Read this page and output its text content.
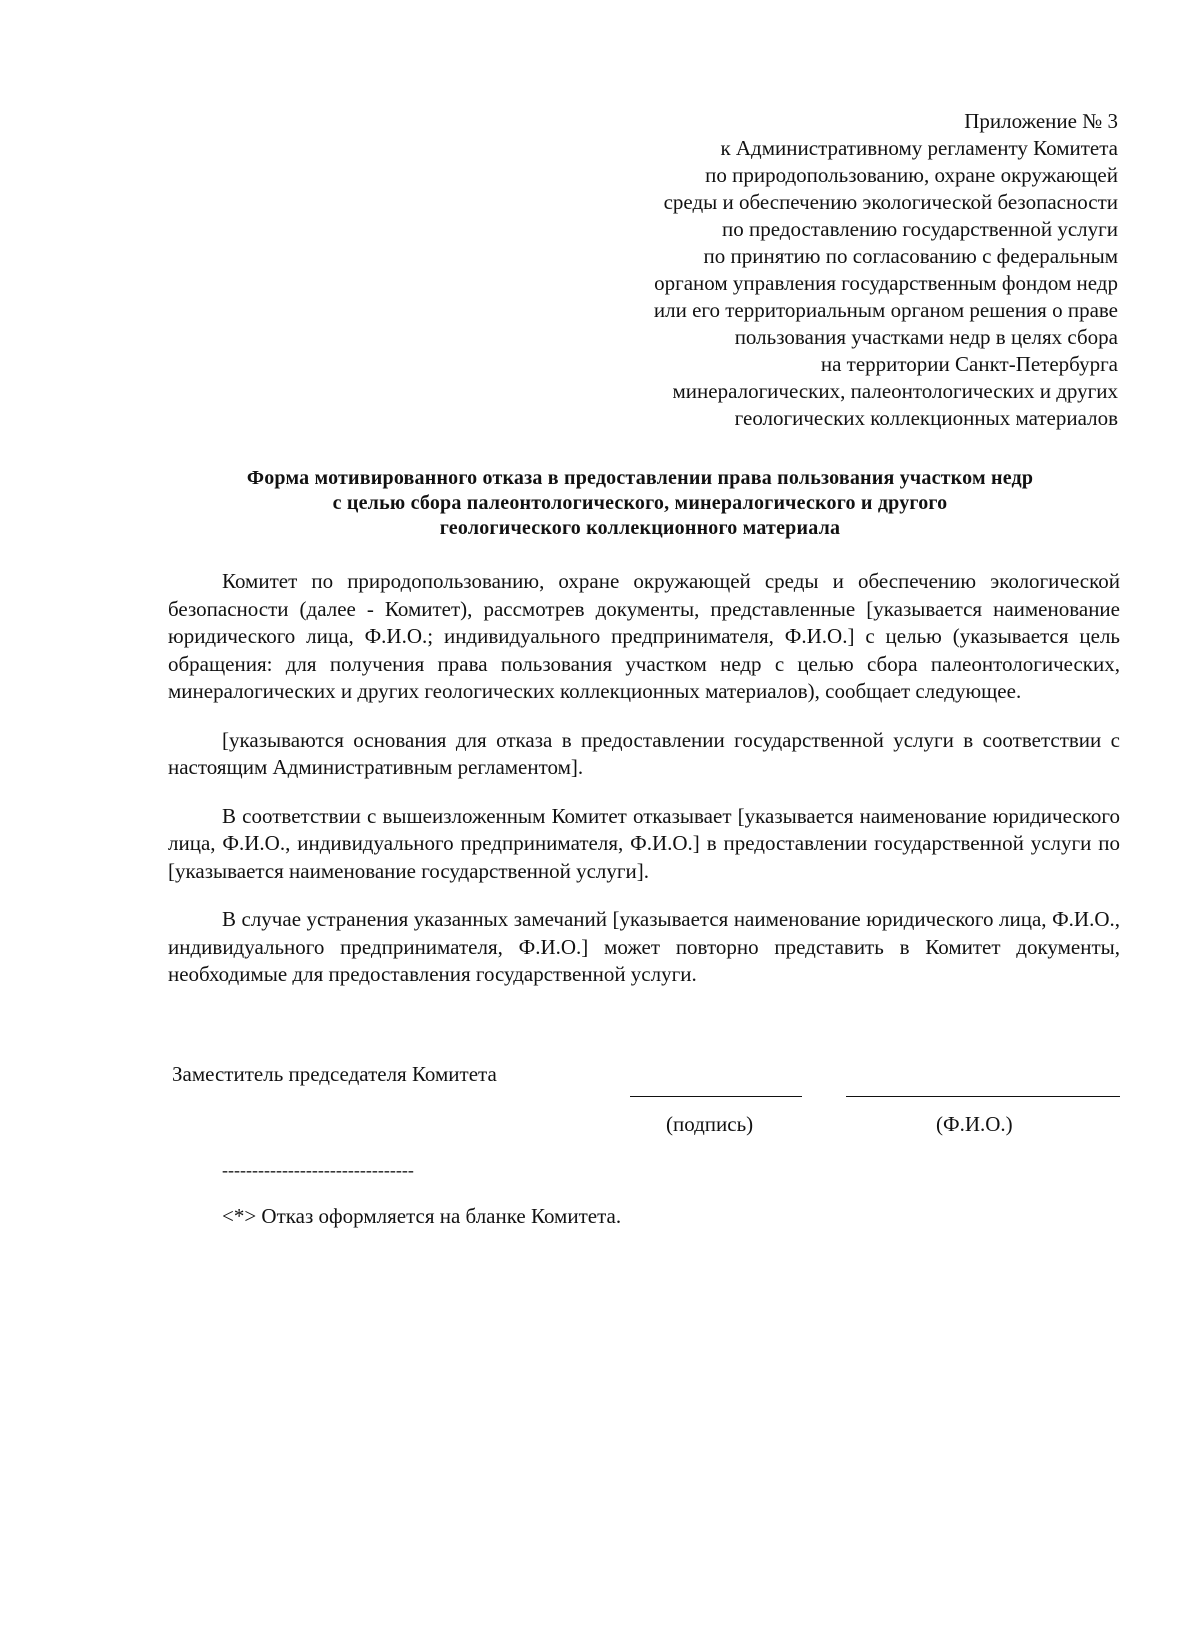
Приложение № 3
к Административному регламенту Комитета
по природопользованию, охране окружающей
среды и обеспечению экологической безопасности
по предоставлению государственной услуги
по принятию по согласованию с федеральным
органом управления государственным фондом недр
или его территориальным органом решения о праве
пользования участками недр в целях сбора
на территории Санкт-Петербурга
минералогических, палеонтологических и других
геологических коллекционных материалов
Форма мотивированного отказа в предоставлении права пользования участком недр
с целью сбора палеонтологического, минералогического и другого
геологического коллекционного материала

Комитет по природопользованию, охране окружающей среды и обеспечению экологической безопасности (далее - Комитет), рассмотрев документы, представленные [указывается наименование юридического лица, Ф.И.О.; индивидуального предпринимателя, Ф.И.О.] с целью (указывается цель обращения: для получения права пользования участком недр с целью сбора палеонтологических, минералогических и других геологических коллекционных материалов), сообщает следующее.

[указываются основания для отказа в предоставлении государственной услуги в соответствии с настоящим Административным регламентом].

В соответствии с вышеизложенным Комитет отказывает [указывается наименование юридического лица, Ф.И.О., индивидуального предпринимателя, Ф.И.О.] в предоставлении государственной услуги по [указывается наименование государственной услуги].

В случае устранения указанных замечаний [указывается наименование юридического лица, Ф.И.О., индивидуального предпринимателя, Ф.И.О.] может повторно представить в Комитет документы, необходимые для предоставления государственной услуги.

Заместитель председателя Комитета
(подпись)	(Ф.И.О.)
--------------------------------
<*> Отказ оформляется на бланке Комитета.
